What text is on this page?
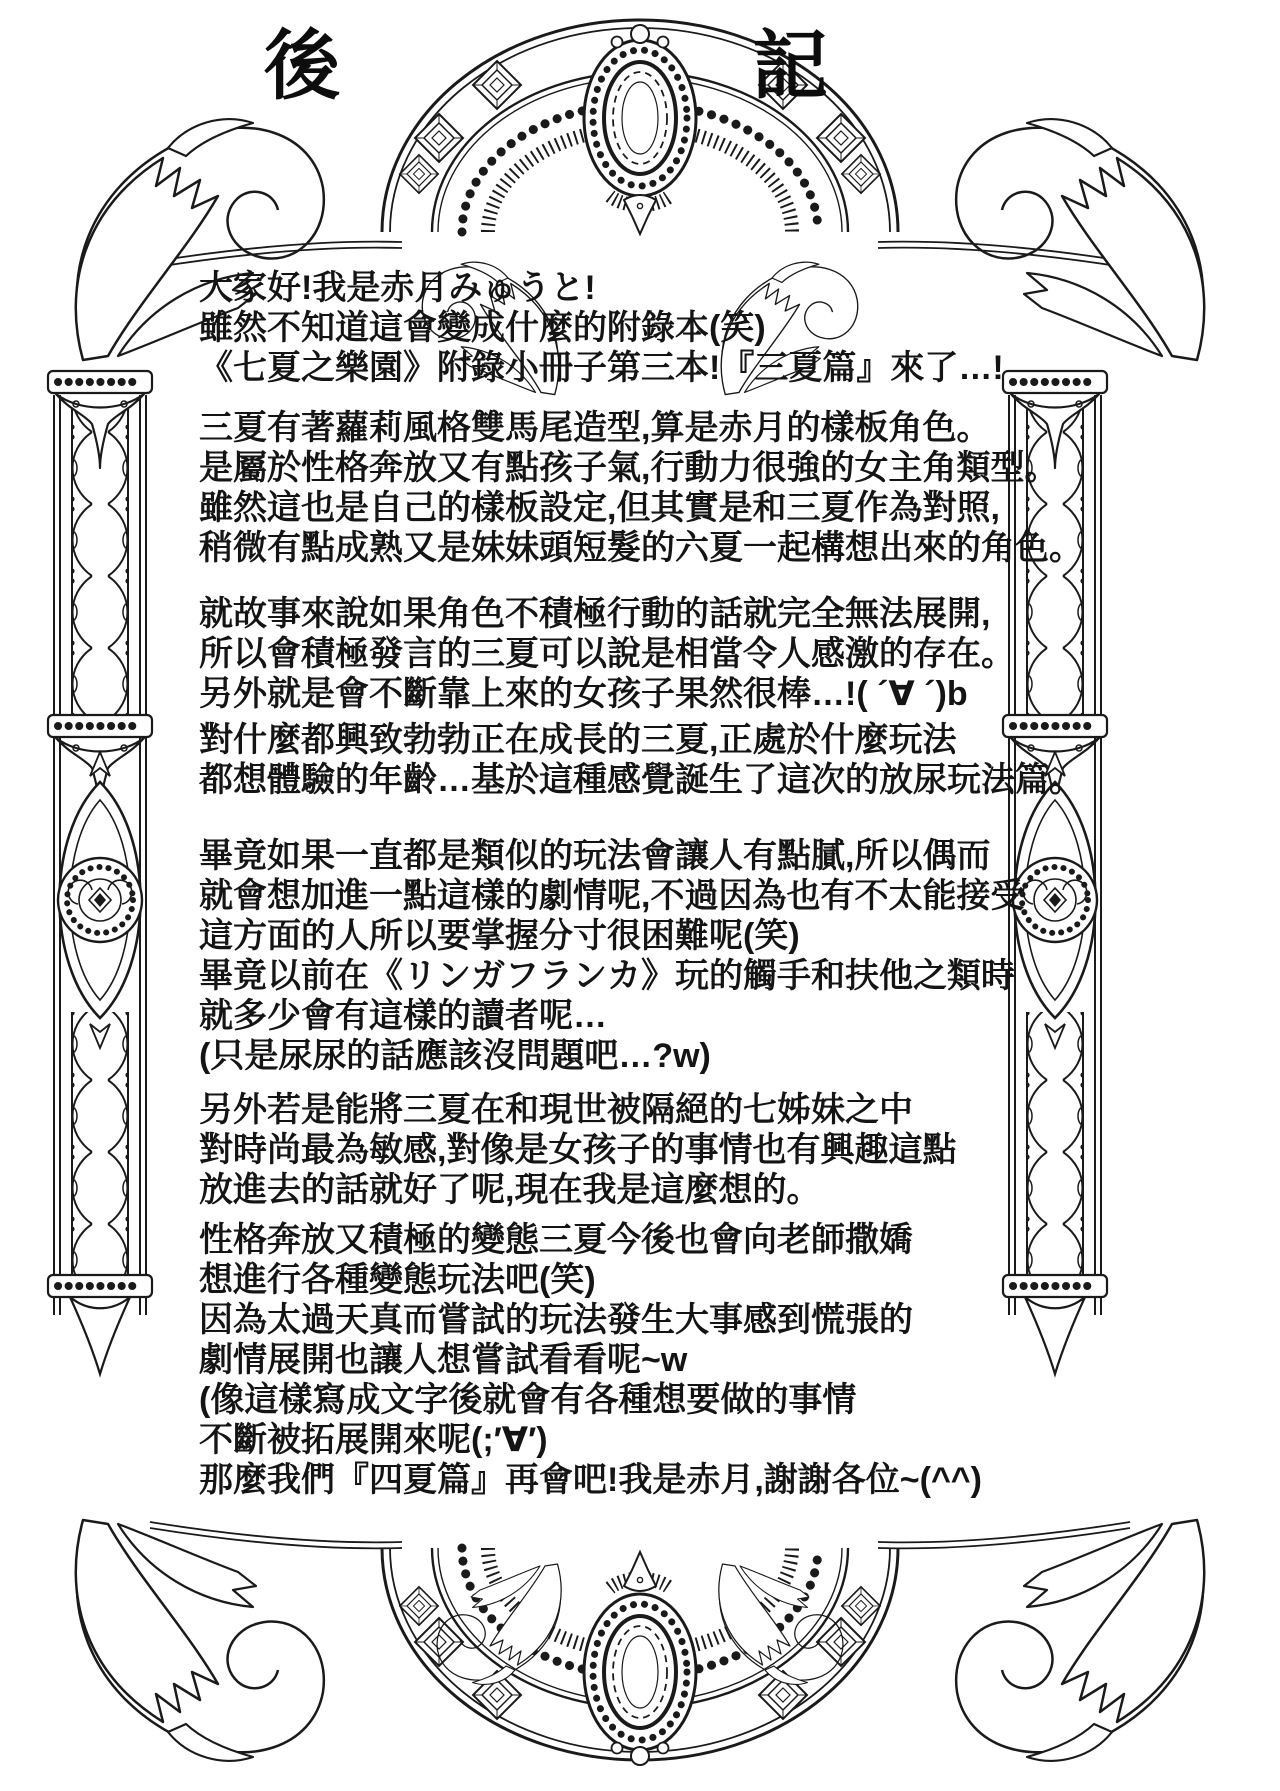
後	記
大家好!我是赤月みゅうと!
雖然不知道這會變成什麼的附錄本(笑)
《七夏之樂園》附錄小冊子第三本!『三夏篇』來了…!
三夏有著蘿莉風格雙馬尾造型,算是赤月的樣板角色。
是屬於性格奔放又有點孩子氣,行動力很強的女主角類型。
雖然這也是自己的樣板設定,但其實是和三夏作為對照,
稍微有點成熟又是妹妹頭短髮的六夏一起構想出來的角色。
就故事來說如果角色不積極行動的話就完全無法展開,
所以會積極發言的三夏可以說是相當令人感激的存在。
另外就是會不斷靠上來的女孩子果然很棒…!( ´∀ ´)b
對什麼都興致勃勃正在成長的三夏,正處於什麼玩法
都想體驗的年齡…基於這種感覺誕生了這次的放尿玩法篇。
畢竟如果一直都是類似的玩法會讓人有點膩,所以偶而
就會想加進一點這樣的劇情呢,不過因為也有不太能接受
這方面的人所以要掌握分寸很困難呢(笑)
畢竟以前在《リンガフランカ》玩的觸手和扶他之類時
就多少會有這樣的讀者呢…
(只是尿尿的話應該沒問題吧…?w)
另外若是能將三夏在和現世被隔絕的七姊妹之中
對時尚最為敏感,對像是女孩子的事情也有興趣這點
放進去的話就好了呢,現在我是這麼想的。
性格奔放又積極的變態三夏今後也會向老師撒嬌
想進行各種變態玩法吧(笑)
因為太過天真而嘗試的玩法發生大事感到慌張的
劇情展開也讓人想嘗試看看呢~w
(像這樣寫成文字後就會有各種想要做的事情
不斷被拓展開來呢(;′∀′)
那麼我們『四夏篇』再會吧!我是赤月,謝謝各位~(^^)
